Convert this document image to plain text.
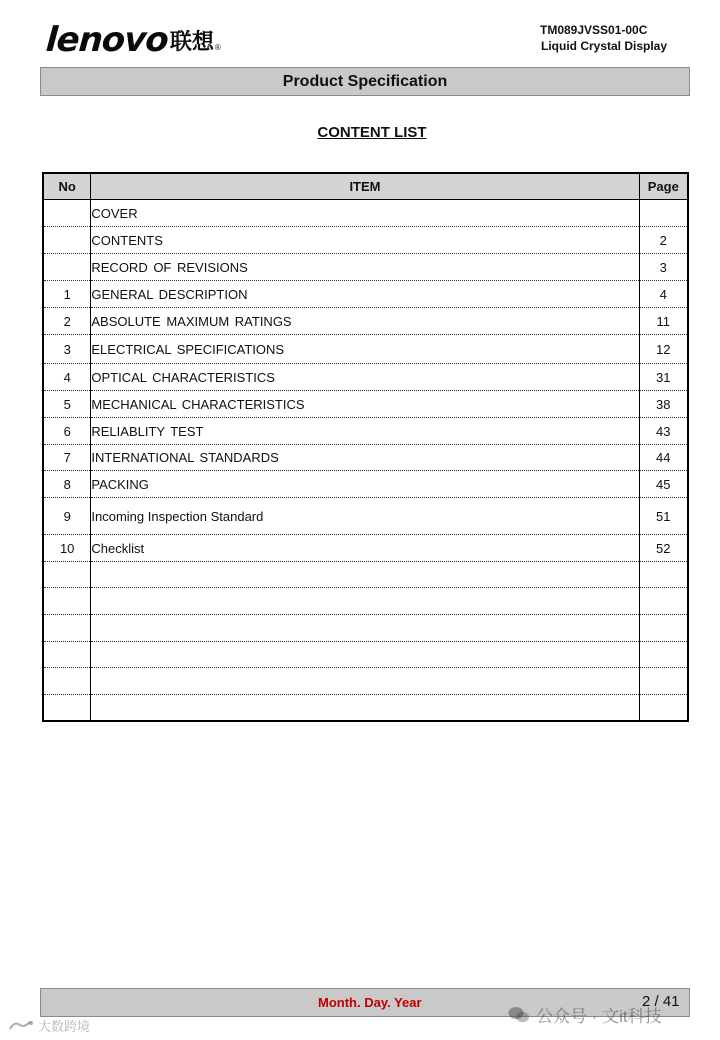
lenovo 联想 ®
TM089JVSS01-00C
Liquid Crystal Display
Product Specification
CONTENT LIST
No	ITEM	Page
	COVER	
	CONTENTS	2
	RECORD OF REVISIONS	3
1	GENERAL DESCRIPTION	4
2	ABSOLUTE MAXIMUM RATINGS	11
3	ELECTRICAL SPECIFICATIONS	12
4	OPTICAL CHARACTERISTICS	31
5	MECHANICAL CHARACTERISTICS	38
6	RELIABLITY TEST	43
7	INTERNATIONAL STANDARDS	44
8	PACKING	45
9	Incoming Inspection Standard	51
10	Checklist	52

Month. Day. Year	2 / 41
公众号 · 文it科技
大数跨境
